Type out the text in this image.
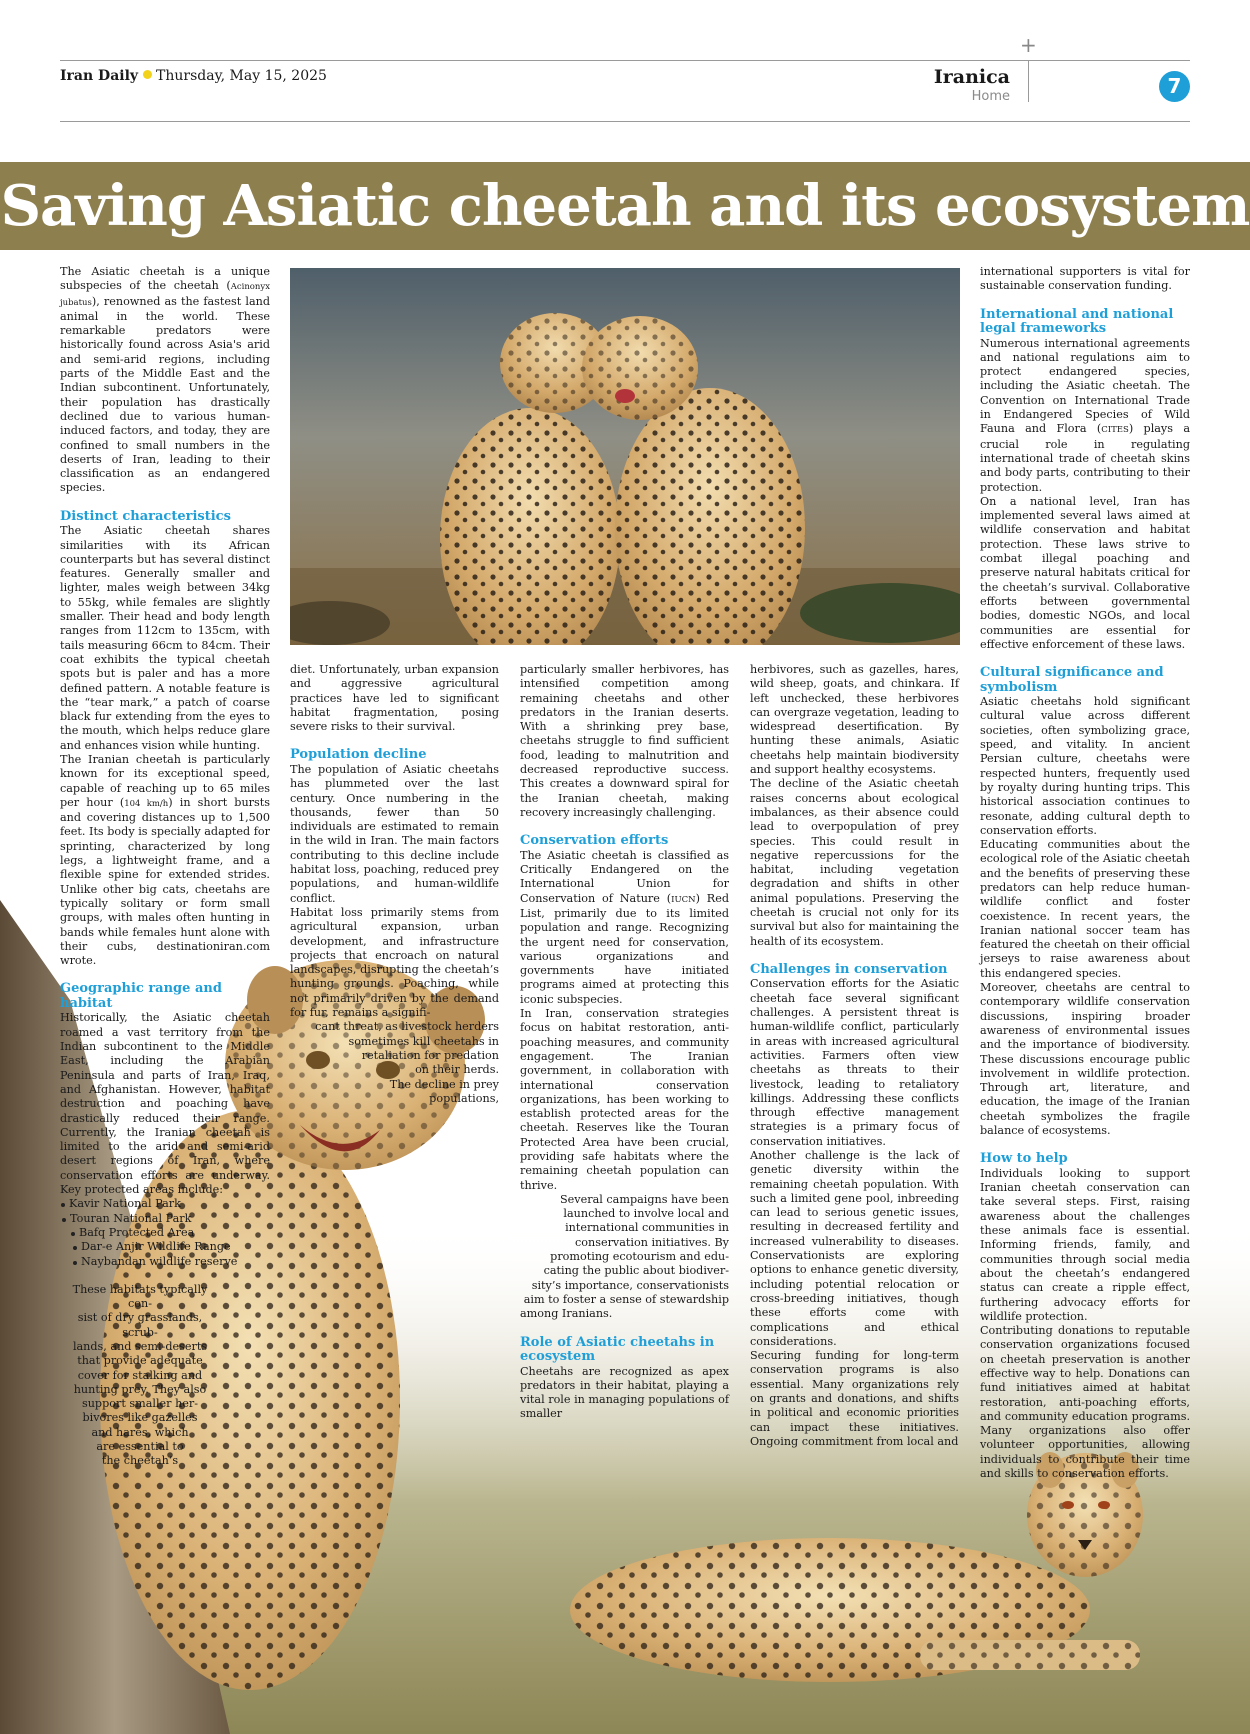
+
Iran Daily Thursday, May 15, 2025	Iranica
Home	7
Saving Asiatic cheetah and its ecosystem

The Asiatic cheetah is a unique subspecies of the cheetah (Acinonyx jubatus), renowned as the fastest land animal in the world. These remarkable predators were historically found across Asia's arid and semi-arid regions, including parts of the Middle East and the Indian subcontinent. Unfortunately, their population has drastically declined due to various human-induced factors, and today, they are confined to small numbers in the deserts of Iran, leading to their classification as an endangered species.

Distinct characteristics

The Asiatic cheetah shares similarities with its African counterparts but has several distinct features. Generally smaller and lighter, males weigh between 34kg to 55kg, while females are slightly smaller. Their head and body length ranges from 112cm to 135cm, with tails measuring 66cm to 84cm. Their coat exhibits the typical cheetah spots but is paler and has a more defined pattern. A notable feature is the “tear mark,” a patch of coarse black fur extending from the eyes to the mouth, which helps reduce glare and enhances vision while hunting.

The Iranian cheetah is particularly known for its exceptional speed, capable of reaching up to 65 miles per hour (104 km/h) in short bursts and covering distances up to 1,500 feet. Its body is specially adapted for sprinting, characterized by long legs, a lightweight frame, and a flexible spine for extended strides. Unlike other big cats, cheetahs are typically solitary or form small groups, with males often hunting in bands while females hunt alone with their cubs, destinationiran.com wrote.

Geographic range and habitat

Historically, the Asiatic cheetah roamed a vast territory from the Indian subcontinent to the Middle East, including the Arabian Peninsula and parts of Iran, Iraq, and Afghanistan. However, habitat destruction and poaching have drastically reduced their range. Currently, the Iranian cheetah is limited to the arid and semi-arid desert regions of Iran, where conservation efforts are underway. Key protected areas include:

Kavir National Park
Touran National Park
Bafq Protected Area
Dar-e Anjir Wildlife Range
Naybandan wildlife reserve
These habitats typically con-
sist of dry grasslands, scrub-
lands, and semi-deserts
that provide adequate
cover for stalking and
hunting prey. They also
support smaller her-
bivores like gazelles
and hares, which
are essential to
the cheetah’s

diet. Unfortunately, urban expansion and aggressive agricultural practices have led to significant habitat fragmentation, posing severe risks to their survival.

Population decline

The population of Asiatic cheetahs has plummeted over the last century. Once numbering in the thousands, fewer than 50 individuals are estimated to remain in the wild in Iran. The main factors contributing to this decline include habitat loss, poaching, reduced prey populations, and human-wildlife conflict.

Habitat loss primarily stems from agricultural expansion, urban development, and infrastructure projects that encroach on natural landscapes, disrupting the cheetah’s hunting grounds. Poaching, while not primarily driven by the demand for fur, remains a signifi-

cant threat, as livestock herders
sometimes kill cheetahs in
retaliation for predation
on their herds.
The decline in prey
populations,

particularly smaller herbivores, has intensified competition among remaining cheetahs and other predators in the Iranian deserts. With a shrinking prey base, cheetahs struggle to find sufficient food, leading to malnutrition and decreased reproductive success. This creates a downward spiral for the Iranian cheetah, making recovery increasingly challenging.

Conservation efforts

The Asiatic cheetah is classified as Critically Endangered on the International Union for Conservation of Nature (IUCN) Red List, primarily due to its limited population and range. Recognizing the urgent need for conservation, various organizations and governments have initiated programs aimed at protecting this iconic subspecies.

In Iran, conservation strategies focus on habitat restoration, anti-poaching measures, and community engagement. The Iranian government, in collaboration with international conservation organizations, has been working to establish protected areas for the cheetah. Reserves like the Touran Protected Area have been crucial, providing safe habitats where the remaining cheetah population can thrive.

Several campaigns have been
launched to involve local and
international communities in
conservation initiatives. By
promoting ecotourism and edu-
cating the public about biodiver-
sity’s importance, conservationists
aim to foster a sense of stewardship

among Iranians.

Role of Asiatic cheetahs in ecosystem

Cheetahs are recognized as apex predators in their habitat, playing a vital role in managing populations of smaller

herbivores, such as gazelles, hares, wild sheep, goats, and chinkara. If left unchecked, these herbivores can overgraze vegetation, leading to widespread desertification. By hunting these animals, Asiatic cheetahs help maintain biodiversity and support healthy ecosystems.

The decline of the Asiatic cheetah raises concerns about ecological imbalances, as their absence could lead to overpopulation of prey species. This could result in negative repercussions for the habitat, including vegetation degradation and shifts in other animal populations. Preserving the cheetah is crucial not only for its survival but also for maintaining the health of its ecosystem.

Challenges in conservation

Conservation efforts for the Asiatic cheetah face several significant challenges. A persistent threat is human-wildlife conflict, particularly in areas with increased agricultural activities. Farmers often view cheetahs as threats to their livestock, leading to retaliatory killings. Addressing these conflicts through effective management strategies is a primary focus of conservation initiatives.

Another challenge is the lack of genetic diversity within the remaining cheetah population. With such a limited gene pool, inbreeding can lead to serious genetic issues, resulting in decreased fertility and increased vulnerability to diseases. Conservationists are exploring options to enhance genetic diversity, including potential relocation or cross-breeding initiatives, though these efforts come with complications and ethical considerations.

Securing funding for long-term conservation programs is also essential. Many organizations rely on grants and donations, and shifts in political and economic priorities can impact these initiatives. Ongoing commitment from local and

international supporters is vital for sustainable conservation funding.

International and national legal frameworks

Numerous international agreements and national regulations aim to protect endangered species, including the Asiatic cheetah. The Convention on International Trade in Endangered Species of Wild Fauna and Flora (CITES) plays a crucial role in regulating international trade of cheetah skins and body parts, contributing to their protection.

On a national level, Iran has implemented several laws aimed at wildlife conservation and habitat protection. These laws strive to combat illegal poaching and preserve natural habitats critical for the cheetah’s survival. Collaborative efforts between governmental bodies, domestic NGOs, and local communities are essential for effective enforcement of these laws.

Cultural significance and symbolism

Asiatic cheetahs hold significant cultural value across different societies, often symbolizing grace, speed, and vitality. In ancient Persian culture, cheetahs were respected hunters, frequently used by royalty during hunting trips. This historical association continues to resonate, adding cultural depth to conservation efforts.

Educating communities about the ecological role of the Asiatic cheetah and the benefits of preserving these predators can help reduce human-wildlife conflict and foster coexistence. In recent years, the Iranian national soccer team has featured the cheetah on their official jerseys to raise awareness about this endangered species.

Moreover, cheetahs are central to contemporary wildlife conservation discussions, inspiring broader awareness of environmental issues and the importance of biodiversity. These discussions encourage public involvement in wildlife protection. Through art, literature, and education, the image of the Iranian cheetah symbolizes the fragile balance of ecosystems.

How to help

Individuals looking to support Iranian cheetah conservation can take several steps. First, raising awareness about the challenges these animals face is essential. Informing friends, family, and communities through social media about the cheetah’s endangered status can create a ripple effect, furthering advocacy efforts for wildlife protection.

Contributing donations to reputable conservation organizations focused on cheetah preservation is another effective way to help. Donations can fund initiatives aimed at habitat restoration, anti-poaching efforts, and community education programs. Many organizations also offer volunteer opportunities, allowing individuals to contribute their time and skills to conservation efforts.
